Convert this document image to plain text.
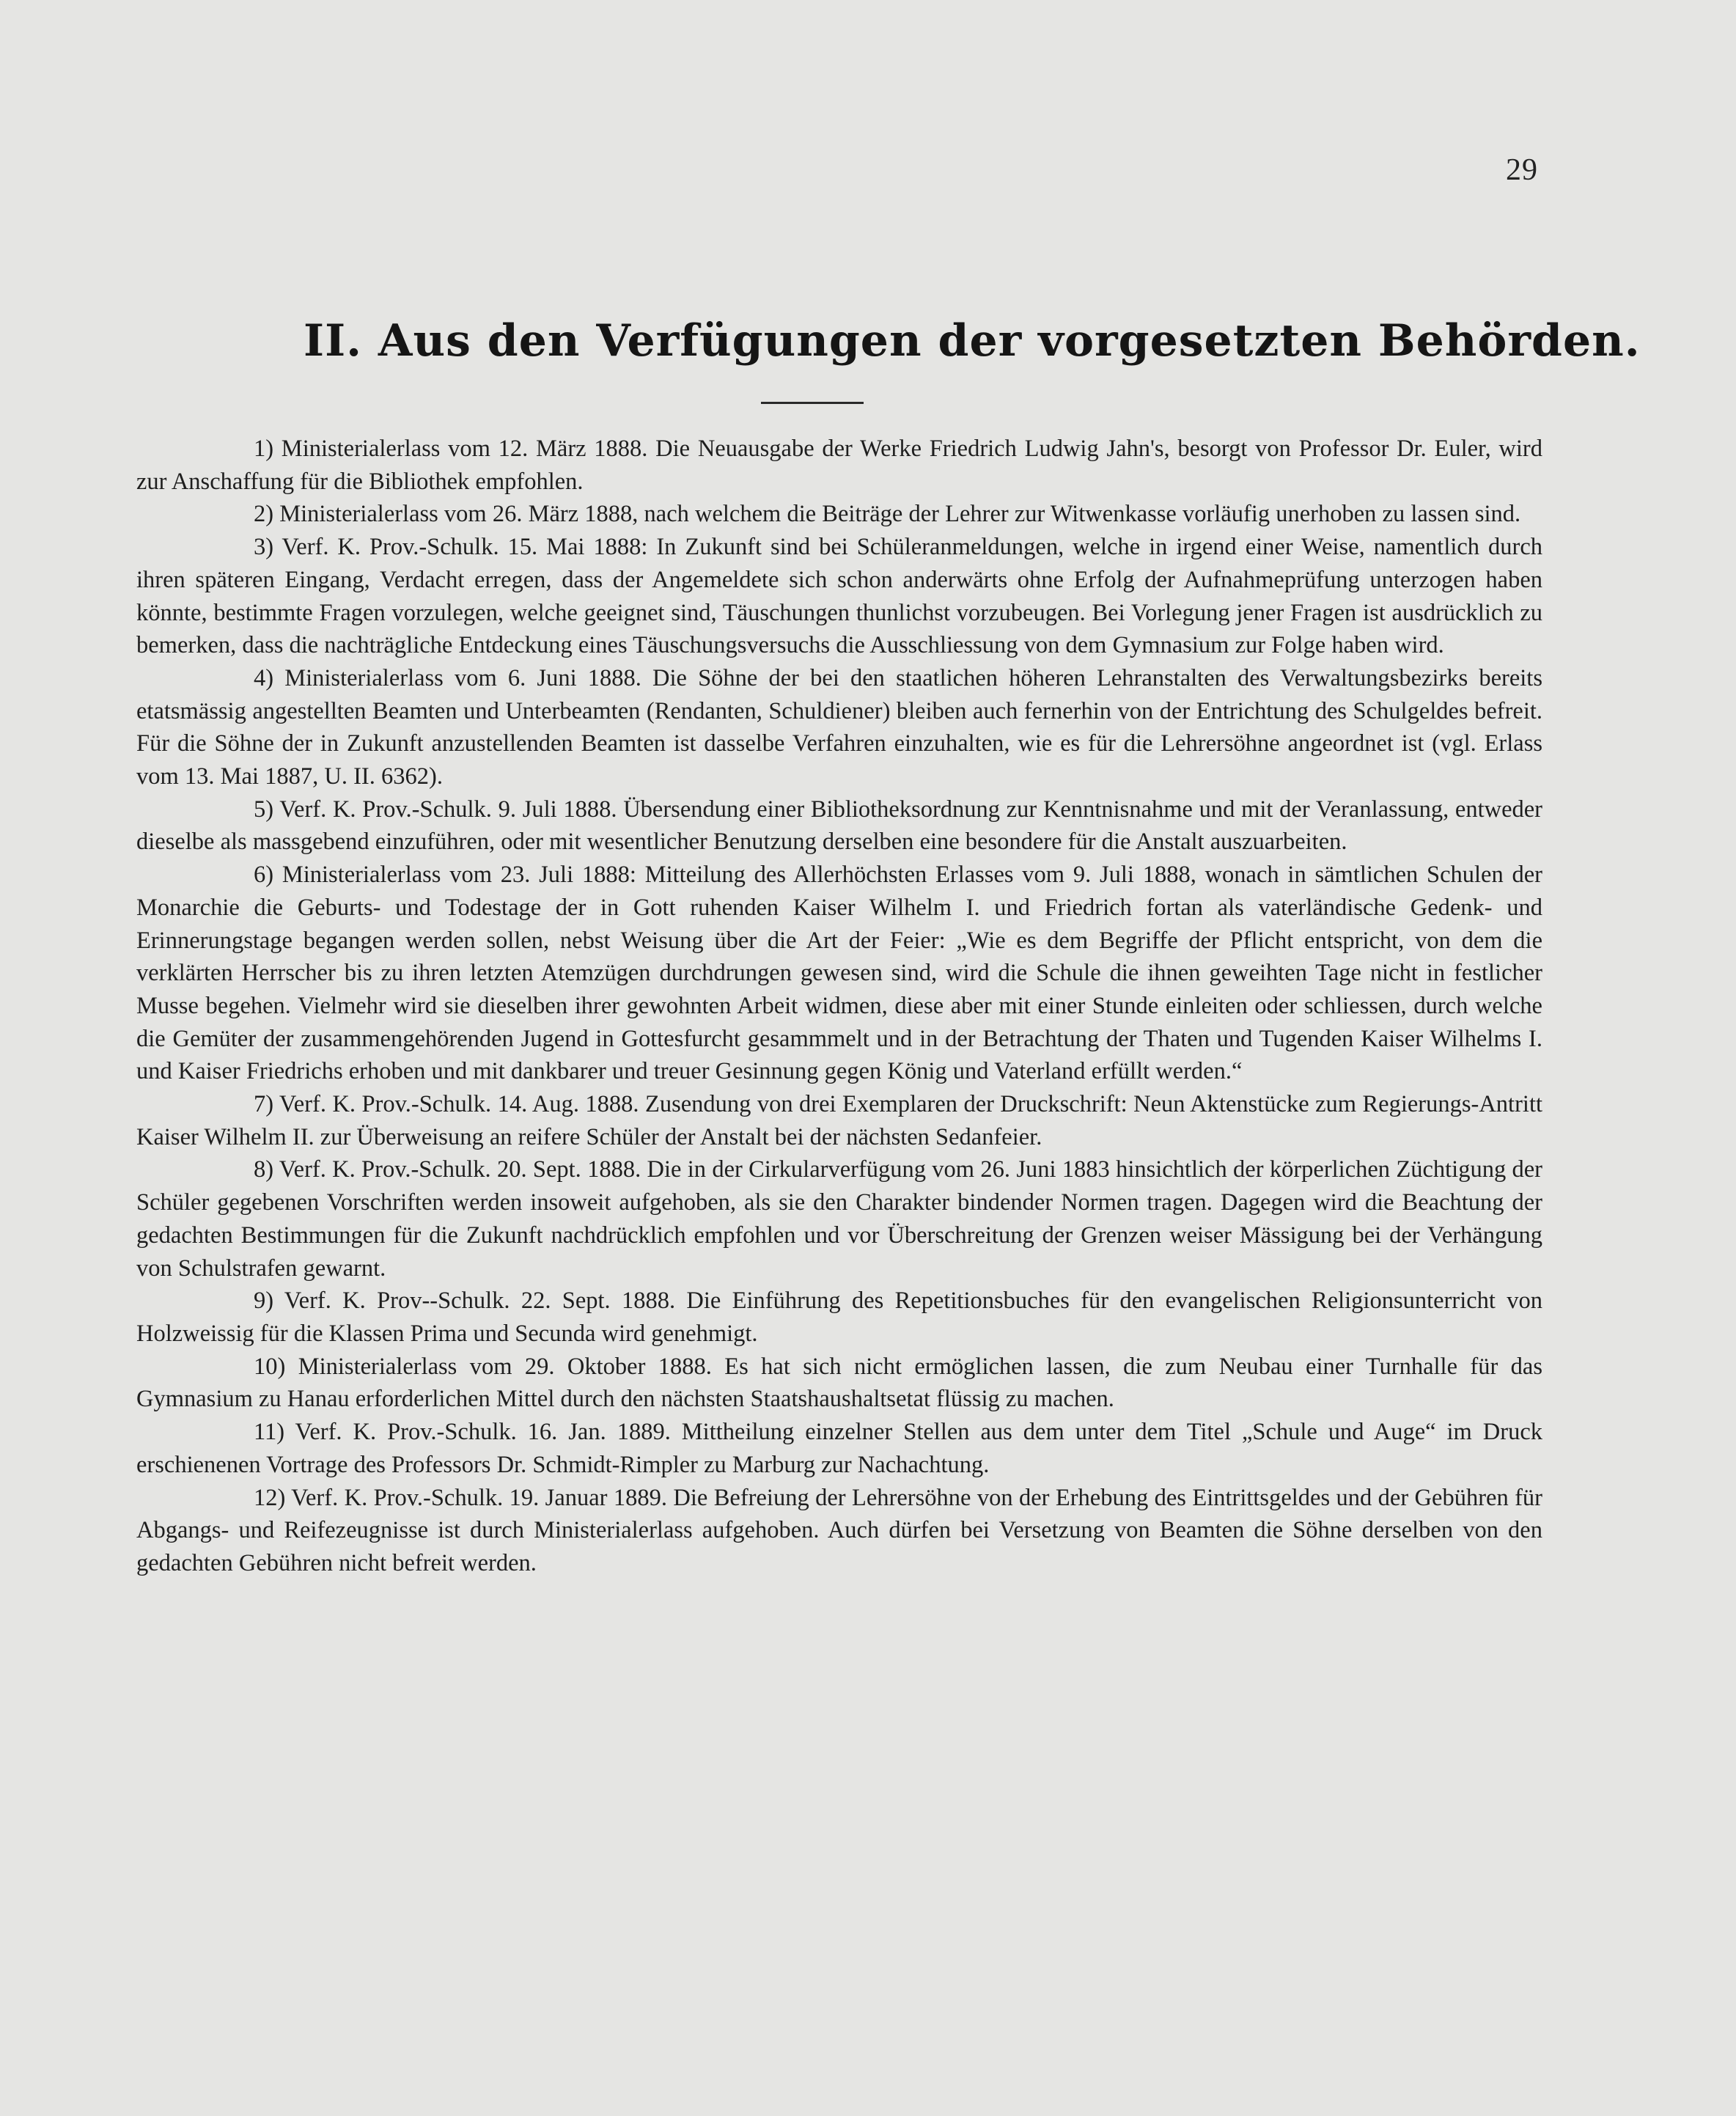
29
II. Aus den Verfügungen der vorgesetzten Behörden.

1) Ministerialerlass vom 12. März 1888. Die Neuausgabe der Werke Friedrich Ludwig Jahn's, besorgt von Professor Dr. Euler, wird zur Anschaffung für die Bibliothek empfohlen.

2) Ministerialerlass vom 26. März 1888, nach welchem die Beiträge der Lehrer zur Witwenkasse vorläufig unerhoben zu lassen sind.

3) Verf. K. Prov.-Schulk. 15. Mai 1888: In Zukunft sind bei Schüleranmeldungen, welche in irgend einer Weise, namentlich durch ihren späteren Eingang, Verdacht erregen, dass der Angemeldete sich schon anderwärts ohne Erfolg der Aufnahmeprüfung unterzogen haben könnte, bestimmte Fragen vorzulegen, welche geeignet sind, Täuschungen thunlichst vorzubeugen. Bei Vorlegung jener Fragen ist ausdrücklich zu bemerken, dass die nachträgliche Entdeckung eines Täuschungsversuchs die Ausschliessung von dem Gymnasium zur Folge haben wird.

4) Ministerialerlass vom 6. Juni 1888. Die Söhne der bei den staatlichen höheren Lehranstalten des Verwaltungsbezirks bereits etatsmässig angestellten Beamten und Unterbeamten (Rendanten, Schuldiener) bleiben auch fernerhin von der Entrichtung des Schulgeldes befreit. Für die Söhne der in Zukunft anzustellenden Beamten ist dasselbe Verfahren einzuhalten, wie es für die Lehrersöhne angeordnet ist (vgl. Erlass vom 13. Mai 1887, U. II. 6362).

5) Verf. K. Prov.-Schulk. 9. Juli 1888. Übersendung einer Bibliotheksordnung zur Kenntnisnahme und mit der Veranlassung, entweder dieselbe als massgebend einzuführen, oder mit wesentlicher Benutzung derselben eine besondere für die Anstalt auszuarbeiten.

6) Ministerialerlass vom 23. Juli 1888: Mitteilung des Allerhöchsten Erlasses vom 9. Juli 1888, wonach in sämtlichen Schulen der Monarchie die Geburts- und Todestage der in Gott ruhenden Kaiser Wilhelm I. und Friedrich fortan als vaterländische Gedenk- und Erinnerungstage begangen werden sollen, nebst Weisung über die Art der Feier: „Wie es dem Begriffe der Pflicht entspricht, von dem die verklärten Herrscher bis zu ihren letzten Atemzügen durchdrungen gewesen sind, wird die Schule die ihnen geweihten Tage nicht in festlicher Musse begehen. Vielmehr wird sie dieselben ihrer gewohnten Arbeit widmen, diese aber mit einer Stunde einleiten oder schliessen, durch welche die Gemüter der zusammengehörenden Jugend in Gottesfurcht gesammmelt und in der Betrachtung der Thaten und Tugenden Kaiser Wilhelms I. und Kaiser Friedrichs erhoben und mit dankbarer und treuer Gesinnung gegen König und Vaterland erfüllt werden.“

7) Verf. K. Prov.-Schulk. 14. Aug. 1888. Zusendung von drei Exemplaren der Druckschrift: Neun Aktenstücke zum Regierungs-Antritt Kaiser Wilhelm II. zur Überweisung an reifere Schüler der Anstalt bei der nächsten Sedanfeier.

8) Verf. K. Prov.-Schulk. 20. Sept. 1888. Die in der Cirkularverfügung vom 26. Juni 1883 hinsichtlich der körperlichen Züchtigung der Schüler gegebenen Vorschriften werden insoweit aufgehoben, als sie den Charakter bindender Normen tragen. Dagegen wird die Beachtung der gedachten Bestimmungen für die Zukunft nachdrücklich empfohlen und vor Überschreitung der Grenzen weiser Mässigung bei der Verhängung von Schulstrafen gewarnt.

9) Verf. K. Prov--Schulk. 22. Sept. 1888. Die Einführung des Repetitionsbuches für den evangelischen Religionsunterricht von Holzweissig für die Klassen Prima und Secunda wird genehmigt.

10) Ministerialerlass vom 29. Oktober 1888. Es hat sich nicht ermöglichen lassen, die zum Neubau einer Turnhalle für das Gymnasium zu Hanau erforderlichen Mittel durch den nächsten Staatshaushaltsetat flüssig zu machen.

11) Verf. K. Prov.-Schulk. 16. Jan. 1889. Mittheilung einzelner Stellen aus dem unter dem Titel „Schule und Auge“ im Druck erschienenen Vortrage des Professors Dr. Schmidt-Rimpler zu Marburg zur Nachachtung.

12) Verf. K. Prov.-Schulk. 19. Januar 1889. Die Befreiung der Lehrersöhne von der Erhebung des Eintrittsgeldes und der Gebühren für Abgangs- und Reifezeugnisse ist durch Ministerialerlass aufgehoben. Auch dürfen bei Versetzung von Beamten die Söhne derselben von den gedachten Gebühren nicht befreit werden.
